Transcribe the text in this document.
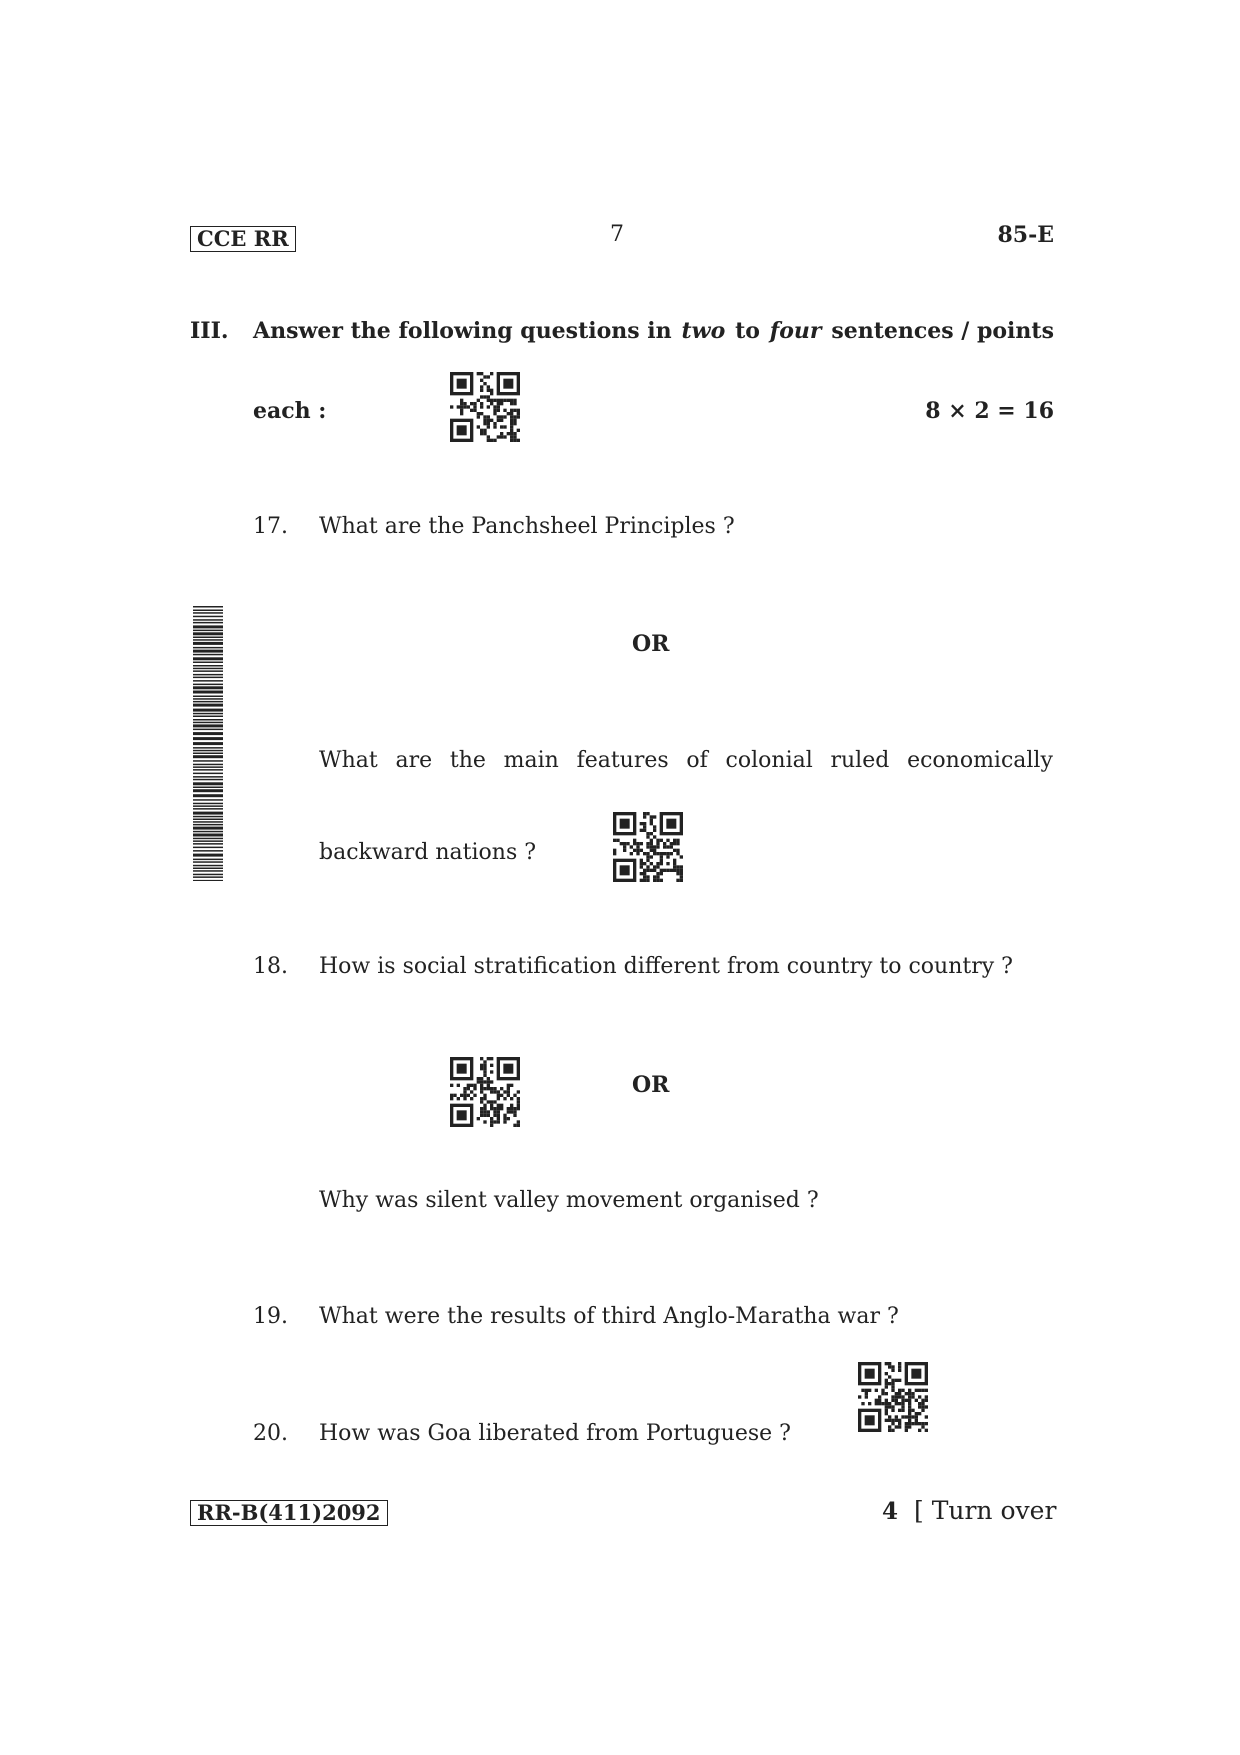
CCE RR	7	85-E
III. Answer the following questions in two to four sentences / points
each :	8 × 2 = 16
17. What are the Panchsheel Principles ?
OR
What are the main features of colonial ruled economically
backward nations ?
18. How is social stratification different from country to country ?
OR
Why was silent valley movement organised ?
19. What were the results of third Anglo-Maratha war ?
20. How was Goa liberated from Portuguese ?
RR-B(411)2092	4 [ Turn over
